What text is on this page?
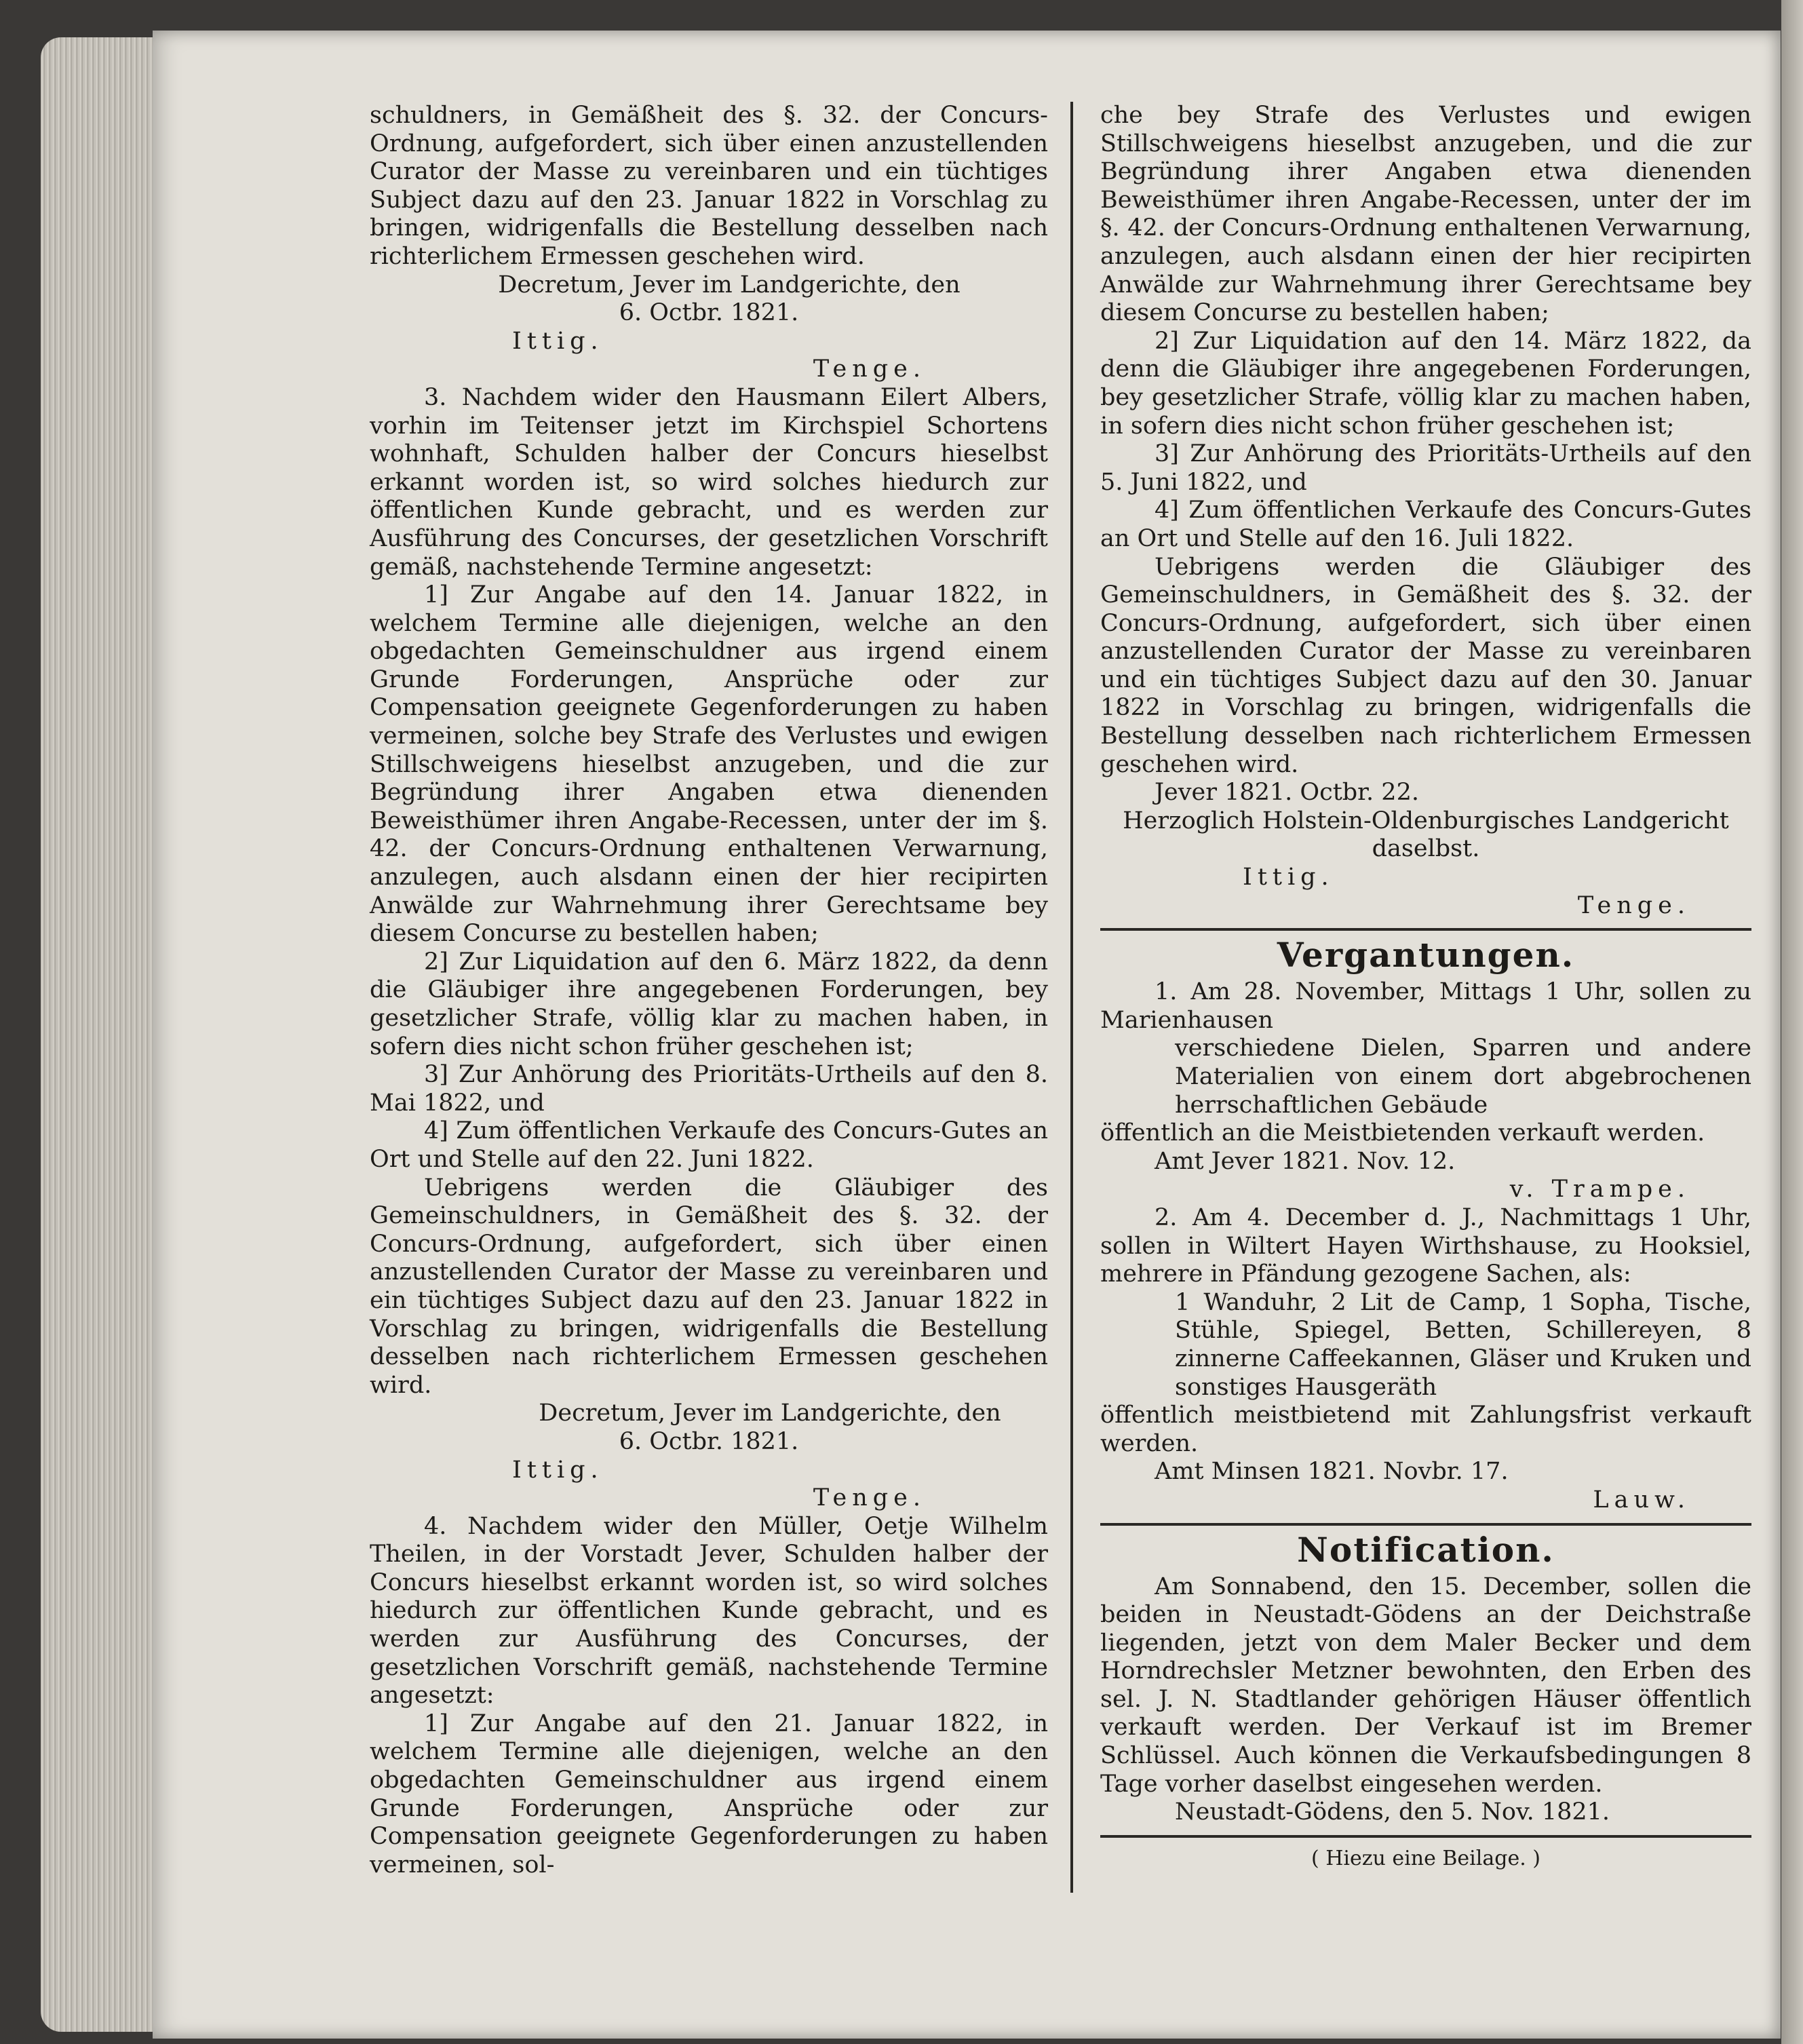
schuldners, in Gemäßheit des §. 32. der Concurs-Ordnung, aufgefordert, sich über einen anzustellenden Curator der Masse zu vereinbaren und ein tüchtiges Subject dazu auf den 23. Januar 1822 in Vorschlag zu bringen, widrigenfalls die Bestellung desselben nach richterlichem Ermessen geschehen wird.

Decretum, Jever im Landgerichte, den

6. Octbr. 1821.

Ittig.

Tenge.

3. Nachdem wider den Hausmann Eilert Albers, vorhin im Teitenser jetzt im Kirchspiel Schortens wohnhaft, Schulden halber der Concurs hieselbst erkannt worden ist, so wird solches hiedurch zur öffentlichen Kunde gebracht, und es werden zur Ausführung des Concurses, der gesetzlichen Vorschrift gemäß, nachstehende Termine angesetzt:

1] Zur Angabe auf den 14. Januar 1822, in welchem Termine alle diejenigen, welche an den obgedachten Gemeinschuldner aus irgend einem Grunde Forderungen, Ansprüche oder zur Compensation geeignete Gegenforderungen zu haben vermeinen, solche bey Strafe des Verlustes und ewigen Stillschweigens hieselbst anzugeben, und die zur Begründung ihrer Angaben etwa dienenden Beweisthümer ihren Angabe-Recessen, unter der im §. 42. der Concurs-Ordnung enthaltenen Verwarnung, anzulegen, auch alsdann einen der hier recipirten Anwälde zur Wahrnehmung ihrer Gerechtsame bey diesem Concurse zu bestellen haben;

2] Zur Liquidation auf den 6. März 1822, da denn die Gläubiger ihre angegebenen Forderungen, bey gesetzlicher Strafe, völlig klar zu machen haben, in sofern dies nicht schon früher geschehen ist;

3] Zur Anhörung des Prioritäts-Urtheils auf den 8. Mai 1822, und

4] Zum öffentlichen Verkaufe des Concurs-Gutes an Ort und Stelle auf den 22. Juni 1822.

Uebrigens werden die Gläubiger des Gemeinschuldners, in Gemäßheit des §. 32. der Concurs-Ordnung, aufgefordert, sich über einen anzustellenden Curator der Masse zu vereinbaren und ein tüchtiges Subject dazu auf den 23. Januar 1822 in Vorschlag zu bringen, widrigenfalls die Bestellung desselben nach richterlichem Ermessen geschehen wird.

Decretum, Jever im Landgerichte, den

6. Octbr. 1821.

Ittig.

Tenge.

4. Nachdem wider den Müller, Oetje Wilhelm Theilen, in der Vorstadt Jever, Schulden halber der Concurs hieselbst erkannt worden ist, so wird solches hiedurch zur öffentlichen Kunde gebracht, und es werden zur Ausführung des Concurses, der gesetzlichen Vorschrift gemäß, nachstehende Termine angesetzt:

1] Zur Angabe auf den 21. Januar 1822, in welchem Termine alle diejenigen, welche an den obgedachten Gemeinschuldner aus irgend einem Grunde Forderungen, Ansprüche oder zur Compensation geeignete Gegenforderungen zu haben vermeinen, sol-

che bey Strafe des Verlustes und ewigen Stillschweigens hieselbst anzugeben, und die zur Begründung ihrer Angaben etwa dienenden Beweisthümer ihren Angabe-Recessen, unter der im §. 42. der Concurs-Ordnung enthaltenen Verwarnung, anzulegen, auch alsdann einen der hier recipirten Anwälde zur Wahrnehmung ihrer Gerechtsame bey diesem Concurse zu bestellen haben;

2] Zur Liquidation auf den 14. März 1822, da denn die Gläubiger ihre angegebenen Forderungen, bey gesetzlicher Strafe, völlig klar zu machen haben, in sofern dies nicht schon früher geschehen ist;

3] Zur Anhörung des Prioritäts-Urtheils auf den 5. Juni 1822, und

4] Zum öffentlichen Verkaufe des Concurs-Gutes an Ort und Stelle auf den 16. Juli 1822.

Uebrigens werden die Gläubiger des Gemeinschuldners, in Gemäßheit des §. 32. der Concurs-Ordnung, aufgefordert, sich über einen anzustellenden Curator der Masse zu vereinbaren und ein tüchtiges Subject dazu auf den 30. Januar 1822 in Vorschlag zu bringen, widrigenfalls die Bestellung desselben nach richterlichem Ermessen geschehen wird.

Jever 1821. Octbr. 22.

Herzoglich Holstein-Oldenburgisches Landgericht

daselbst.

Ittig.

Tenge.

Vergantungen.

1. Am 28. November, Mittags 1 Uhr, sollen zu Marienhausen

verschiedene Dielen, Sparren und andere Materialien von einem dort abgebrochenen herrschaftlichen Gebäude

öffentlich an die Meistbietenden verkauft werden.

Amt Jever 1821. Nov. 12.

v. Trampe.

2. Am 4. December d. J., Nachmittags 1 Uhr, sollen in Wiltert Hayen Wirthshause, zu Hooksiel, mehrere in Pfändung gezogene Sachen, als:

1 Wanduhr, 2 Lit de Camp, 1 Sopha, Tische, Stühle, Spiegel, Betten, Schillereyen, 8 zinnerne Caffeekannen, Gläser und Kruken und sonstiges Hausgeräth

öffentlich meistbietend mit Zahlungsfrist verkauft werden.

Amt Minsen 1821. Novbr. 17.

Lauw.

Notification.

Am Sonnabend, den 15. December, sollen die beiden in Neustadt-Gödens an der Deichstraße liegenden, jetzt von dem Maler Becker und dem Horndrechsler Metzner bewohnten, den Erben des sel. J. N. Stadtlander gehörigen Häuser öffentlich verkauft werden. Der Verkauf ist im Bremer Schlüssel. Auch können die Verkaufsbedingungen 8 Tage vorher daselbst eingesehen werden.

Neustadt-Gödens, den 5. Nov. 1821.

( Hiezu eine Beilage. )
